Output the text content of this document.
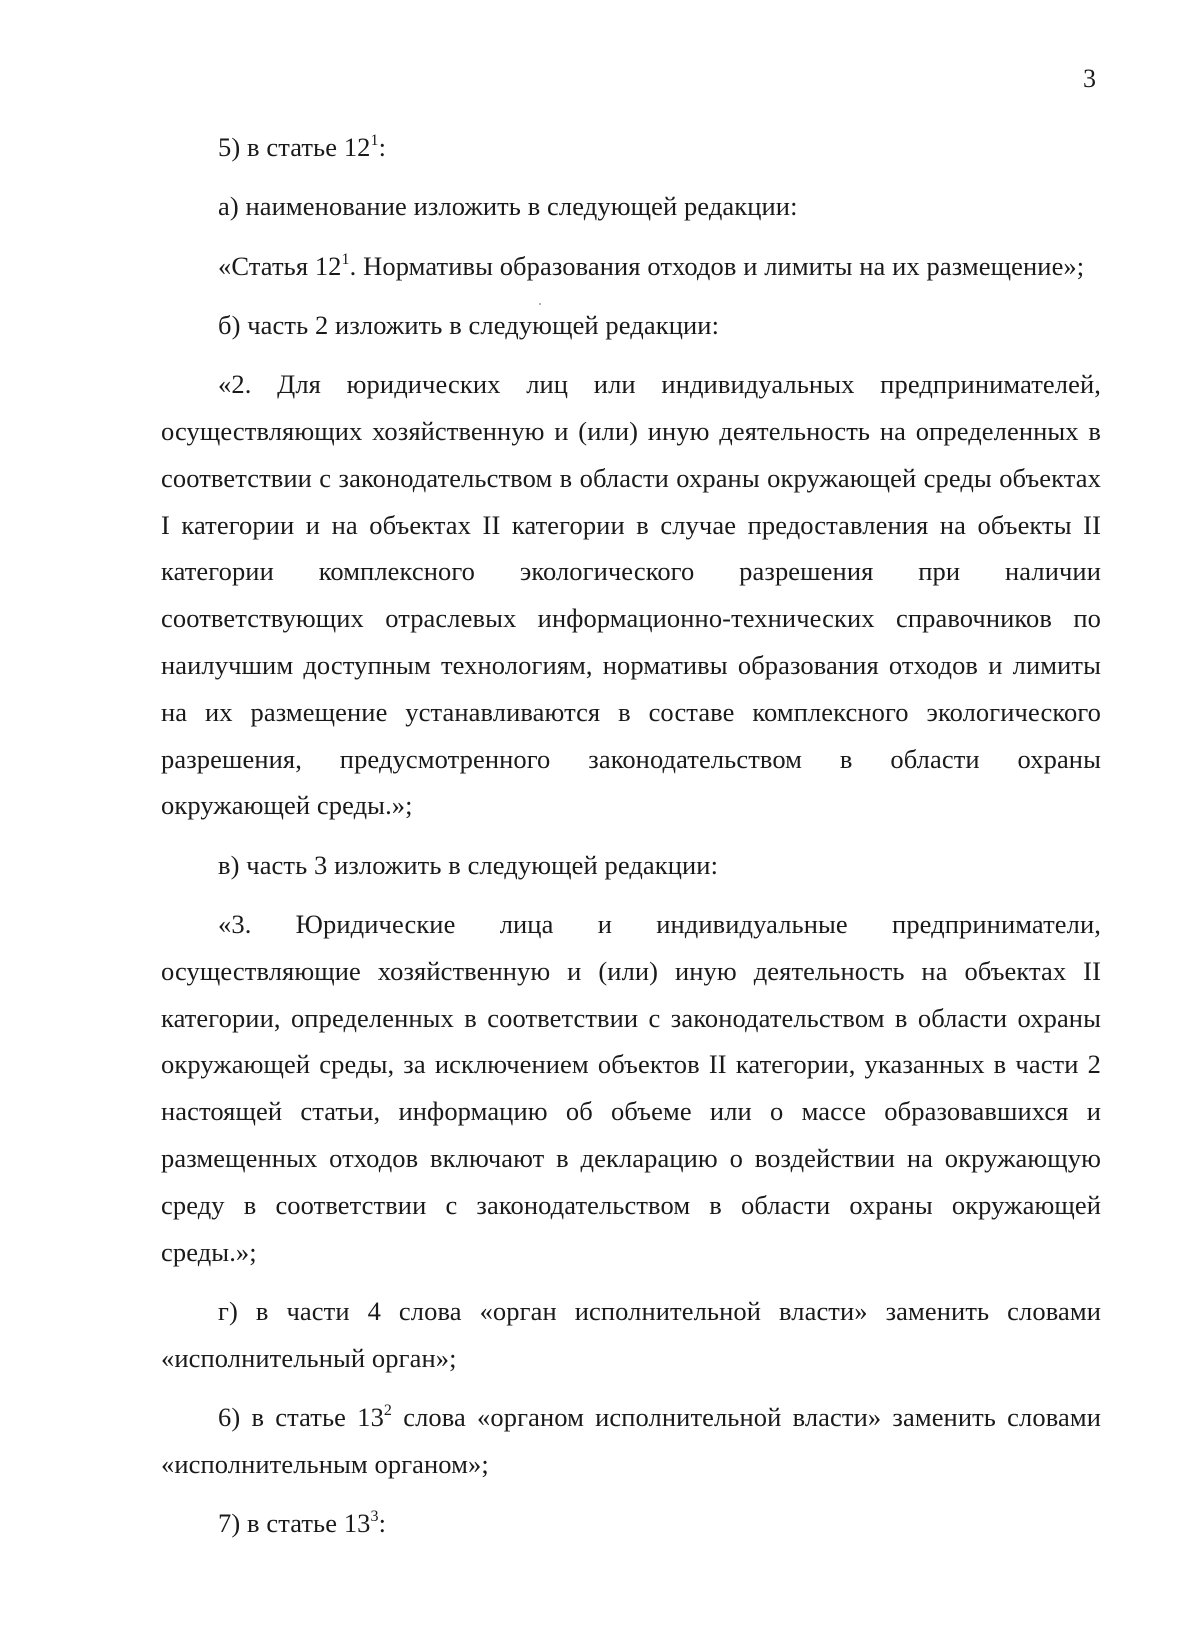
3

5) в статье $12^1$:

а) наименование изложить в следующей редакции:

«Статья $12^1$. Нормативы образования отходов и лимиты на их размещение»;

б) часть 2 изложить в следующей редакции:

«2. Для юридических лиц или индивидуальных предпринимателей, осуществляющих хозяйственную и (или) иную деятельность на определенных в соответствии с законодательством в области охраны окружающей среды объектах I категории и на объектах II категории в случае предоставления на объекты II категории комплексного экологического разрешения при наличии соответствующих отраслевых информационно-технических справочников по наилучшим доступным технологиям, нормативы образования отходов и лимиты на их размещение устанавливаются в составе комплексного экологического разрешения, предусмотренного законодательством в области охраны окружающей среды.»;

в) часть 3 изложить в следующей редакции:

«3. Юридические лица и индивидуальные предприниматели, осуществляющие хозяйственную и (или) иную деятельность на объектах II категории, определенных в соответствии с законодательством в области охраны окружающей среды, за исключением объектов II категории, указанных в части 2 настоящей статьи, информацию об объеме или о массе образовавшихся и размещенных отходов включают в декларацию о воздействии на окружающую среду в соответствии с законодательством в области охраны окружающей среды.»;

г) в части 4 слова «орган исполнительной власти» заменить словами «исполнительный орган»;

6) в статье $13^2$ слова «органом исполнительной власти» заменить словами «исполнительным органом»;

7) в статье $13^3$:
